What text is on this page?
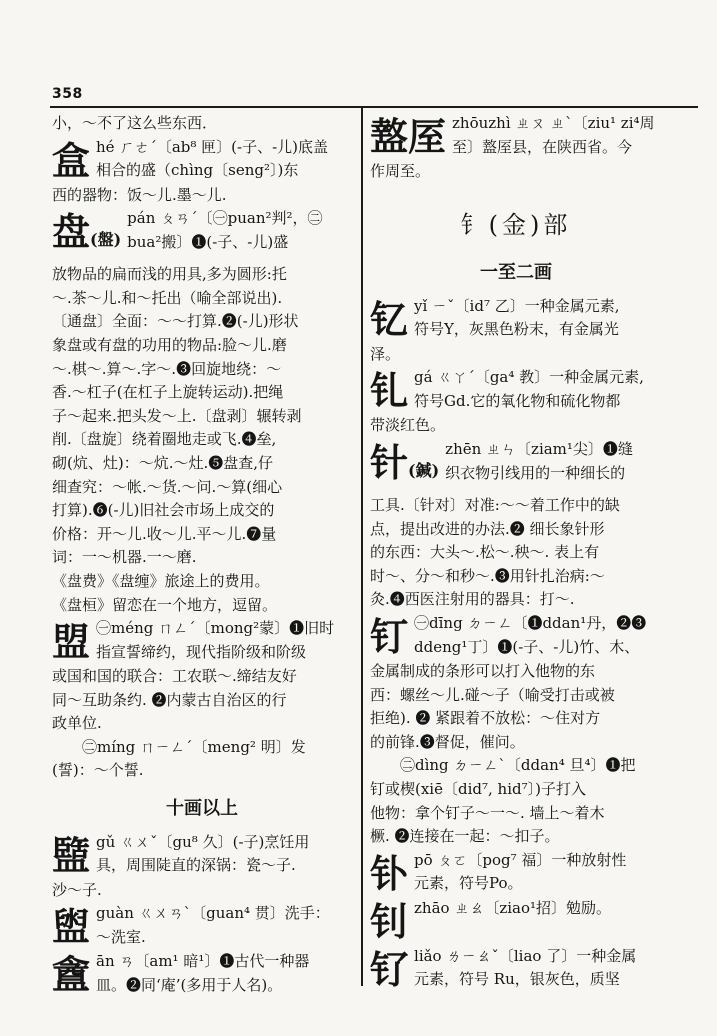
358
小，～不了这么些东西．
盒 hé ㄏㄜˊ〔ab⁸ 匣〕(-子、-儿)底盖
相合的盛（chìng〔seng²〕)东
西的器物：饭～儿.墨～儿.
盘(盤)
pán ㄆㄢˊ〔㊀puan²判²，㊁
bua²搬〕❶(-子、-儿)盛
放物品的扁而浅的用具,多为圆形:托
～.茶～儿.和～托出（喻全部说出).
〔通盘〕全面：～～打算.❷(-儿)形状
象盘或有盘的功用的物品:脸～儿.磨
～.棋～.算～.字～.❸回旋地绕：～
香.～杠子(在杠子上旋转运动).把绳
子～起来.把头发～上.〔盘剥〕辗转剥
削.〔盘旋〕绕着圈地走或飞.❹垒,
砌(炕、灶)：～炕.～灶.❺盘查,仔
细查究：～帐.～货.～问.～算(细心
打算).❻(-儿)旧社会市场上成交的
价格：开～儿.收～儿.平～儿.❼量
词：一～机器.一～磨.
《盘费》《盘缠》旅途上的费用。
《盘桓》留恋在一个地方，逗留。
盟 ㊀méng ㄇㄥˊ〔mong²蒙〕❶旧时
指宣誓缔约，现代指阶级和阶级
或国和国的联合：工农联～.缔结友好
同～互助条约. ❷内蒙古自治区的行
政单位.
㊁míng ㄇㄧㄥˊ〔meng² 明〕发
(誓)：～个誓.
十画以上
盬 gǔ ㄍㄨˇ〔gu⁸ 久〕(-子)烹饪用
具，周围陡直的深锅：瓷～子.
沙～子.
盥 guàn ㄍㄨㄢˋ〔guan⁴ 贯〕洗手：
～洗室.
盦 ān ㄢ〔am¹ 暗¹〕❶古代一种器
皿。❷同‘庵’(多用于人名)。
盩厔 zhōuzhì ㄓㄡ ㄓˋ〔ziu¹ zi⁴周
至〕盩厔县，在陕西省。今
作周至。
钅(金)部
一至二画
钇 yǐ ㄧˇ〔id⁷ 乙〕一种金属元素,
符号Y，灰黑色粉末，有金属光
泽。
钆 gá ㄍㄚˊ〔ga⁴ 教〕一种金属元素,
符号Gd.它的氧化物和硫化物都
带淡红色。
针(鍼)
zhēn ㄓㄣ〔ziam¹尖〕❶缝
织衣物引线用的一种细长的
工具.〔针对〕对准:～～着工作中的缺
点，提出改进的办法.❷ 细长象针形
的东西：大头～.松～.秧～. 表上有
时～、分～和秒～.❸用针扎治病:～
灸.❹西医注射用的器具：打～.
钉 ㊀dīng ㄉㄧㄥ〔❶ddan¹丹，❷❸
ddeng¹丁〕❶(-子、-儿)竹、木、
金属制成的条形可以打入他物的东
西：螺丝～儿.碰～子（喻受打击或被
拒绝). ❷ 紧跟着不放松：～住对方
的前锋.❸督促，催问。
㊁dìng ㄉㄧㄥˋ〔ddan⁴ 旦⁴〕❶把
钉或楔(xiē〔did⁷, hid⁷〕)子打入
他物：拿个钉子～一～. 墙上～着木
橛. ❷连接在一起：～扣子。
钋 pō ㄆㄛ〔pog⁷ 福〕一种放射性
元素，符号Po。
钊 zhāo ㄓㄠ〔ziao¹招〕勉励。
钌 liǎo ㄌㄧㄠˇ〔liao 了〕一种金属
元素，符号 Ru，银灰色，质坚
